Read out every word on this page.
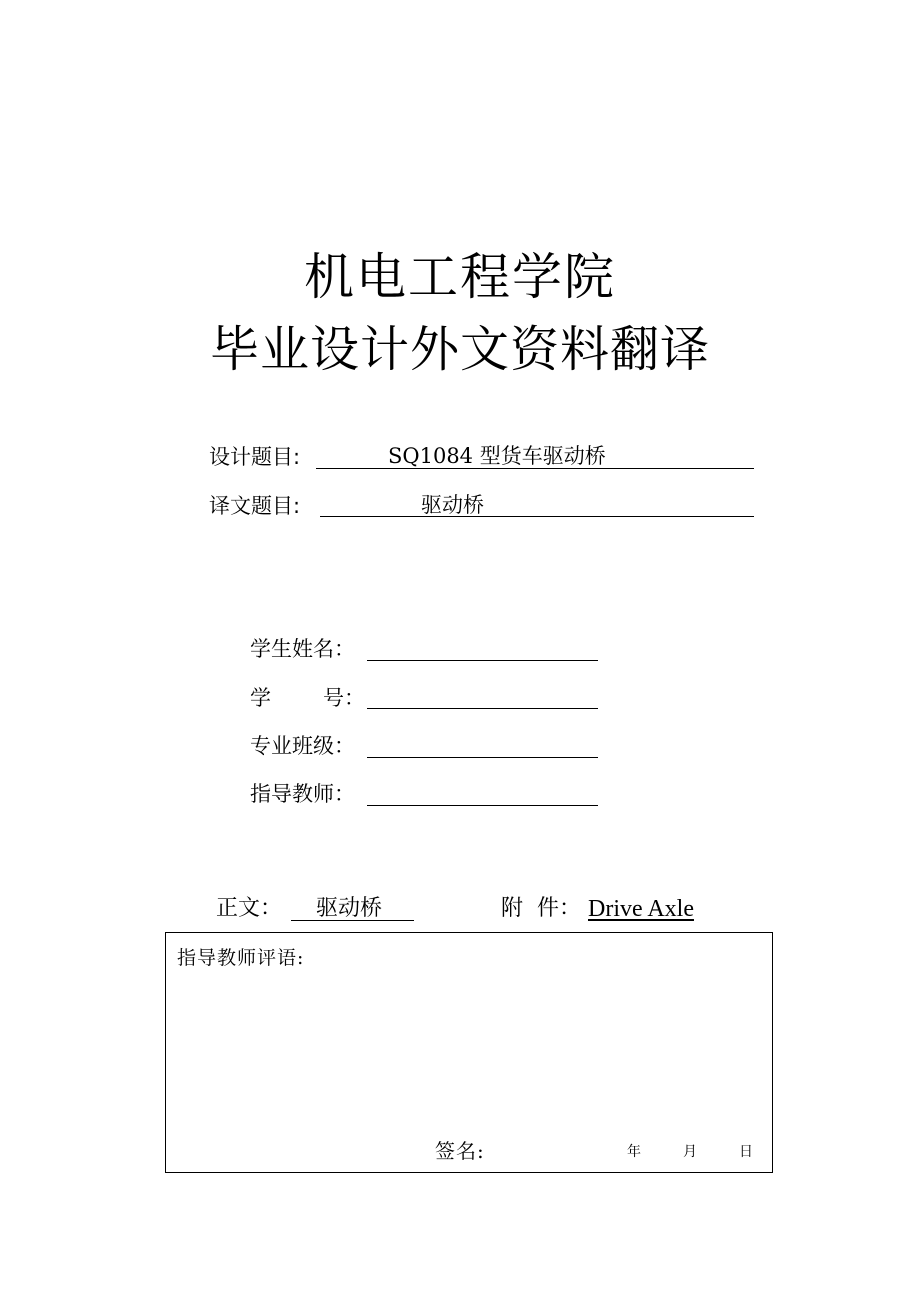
机电工程学院
毕业设计外文资料翻译
设计题目:	SQ1084 型货车驱动桥
译文题目:	驱动桥
学生姓名：
学 号：
专业班级：
指导教师：
正文： 驱动桥	附  件： Drive Axle
指导教师评语:
签名:	年	月	日
